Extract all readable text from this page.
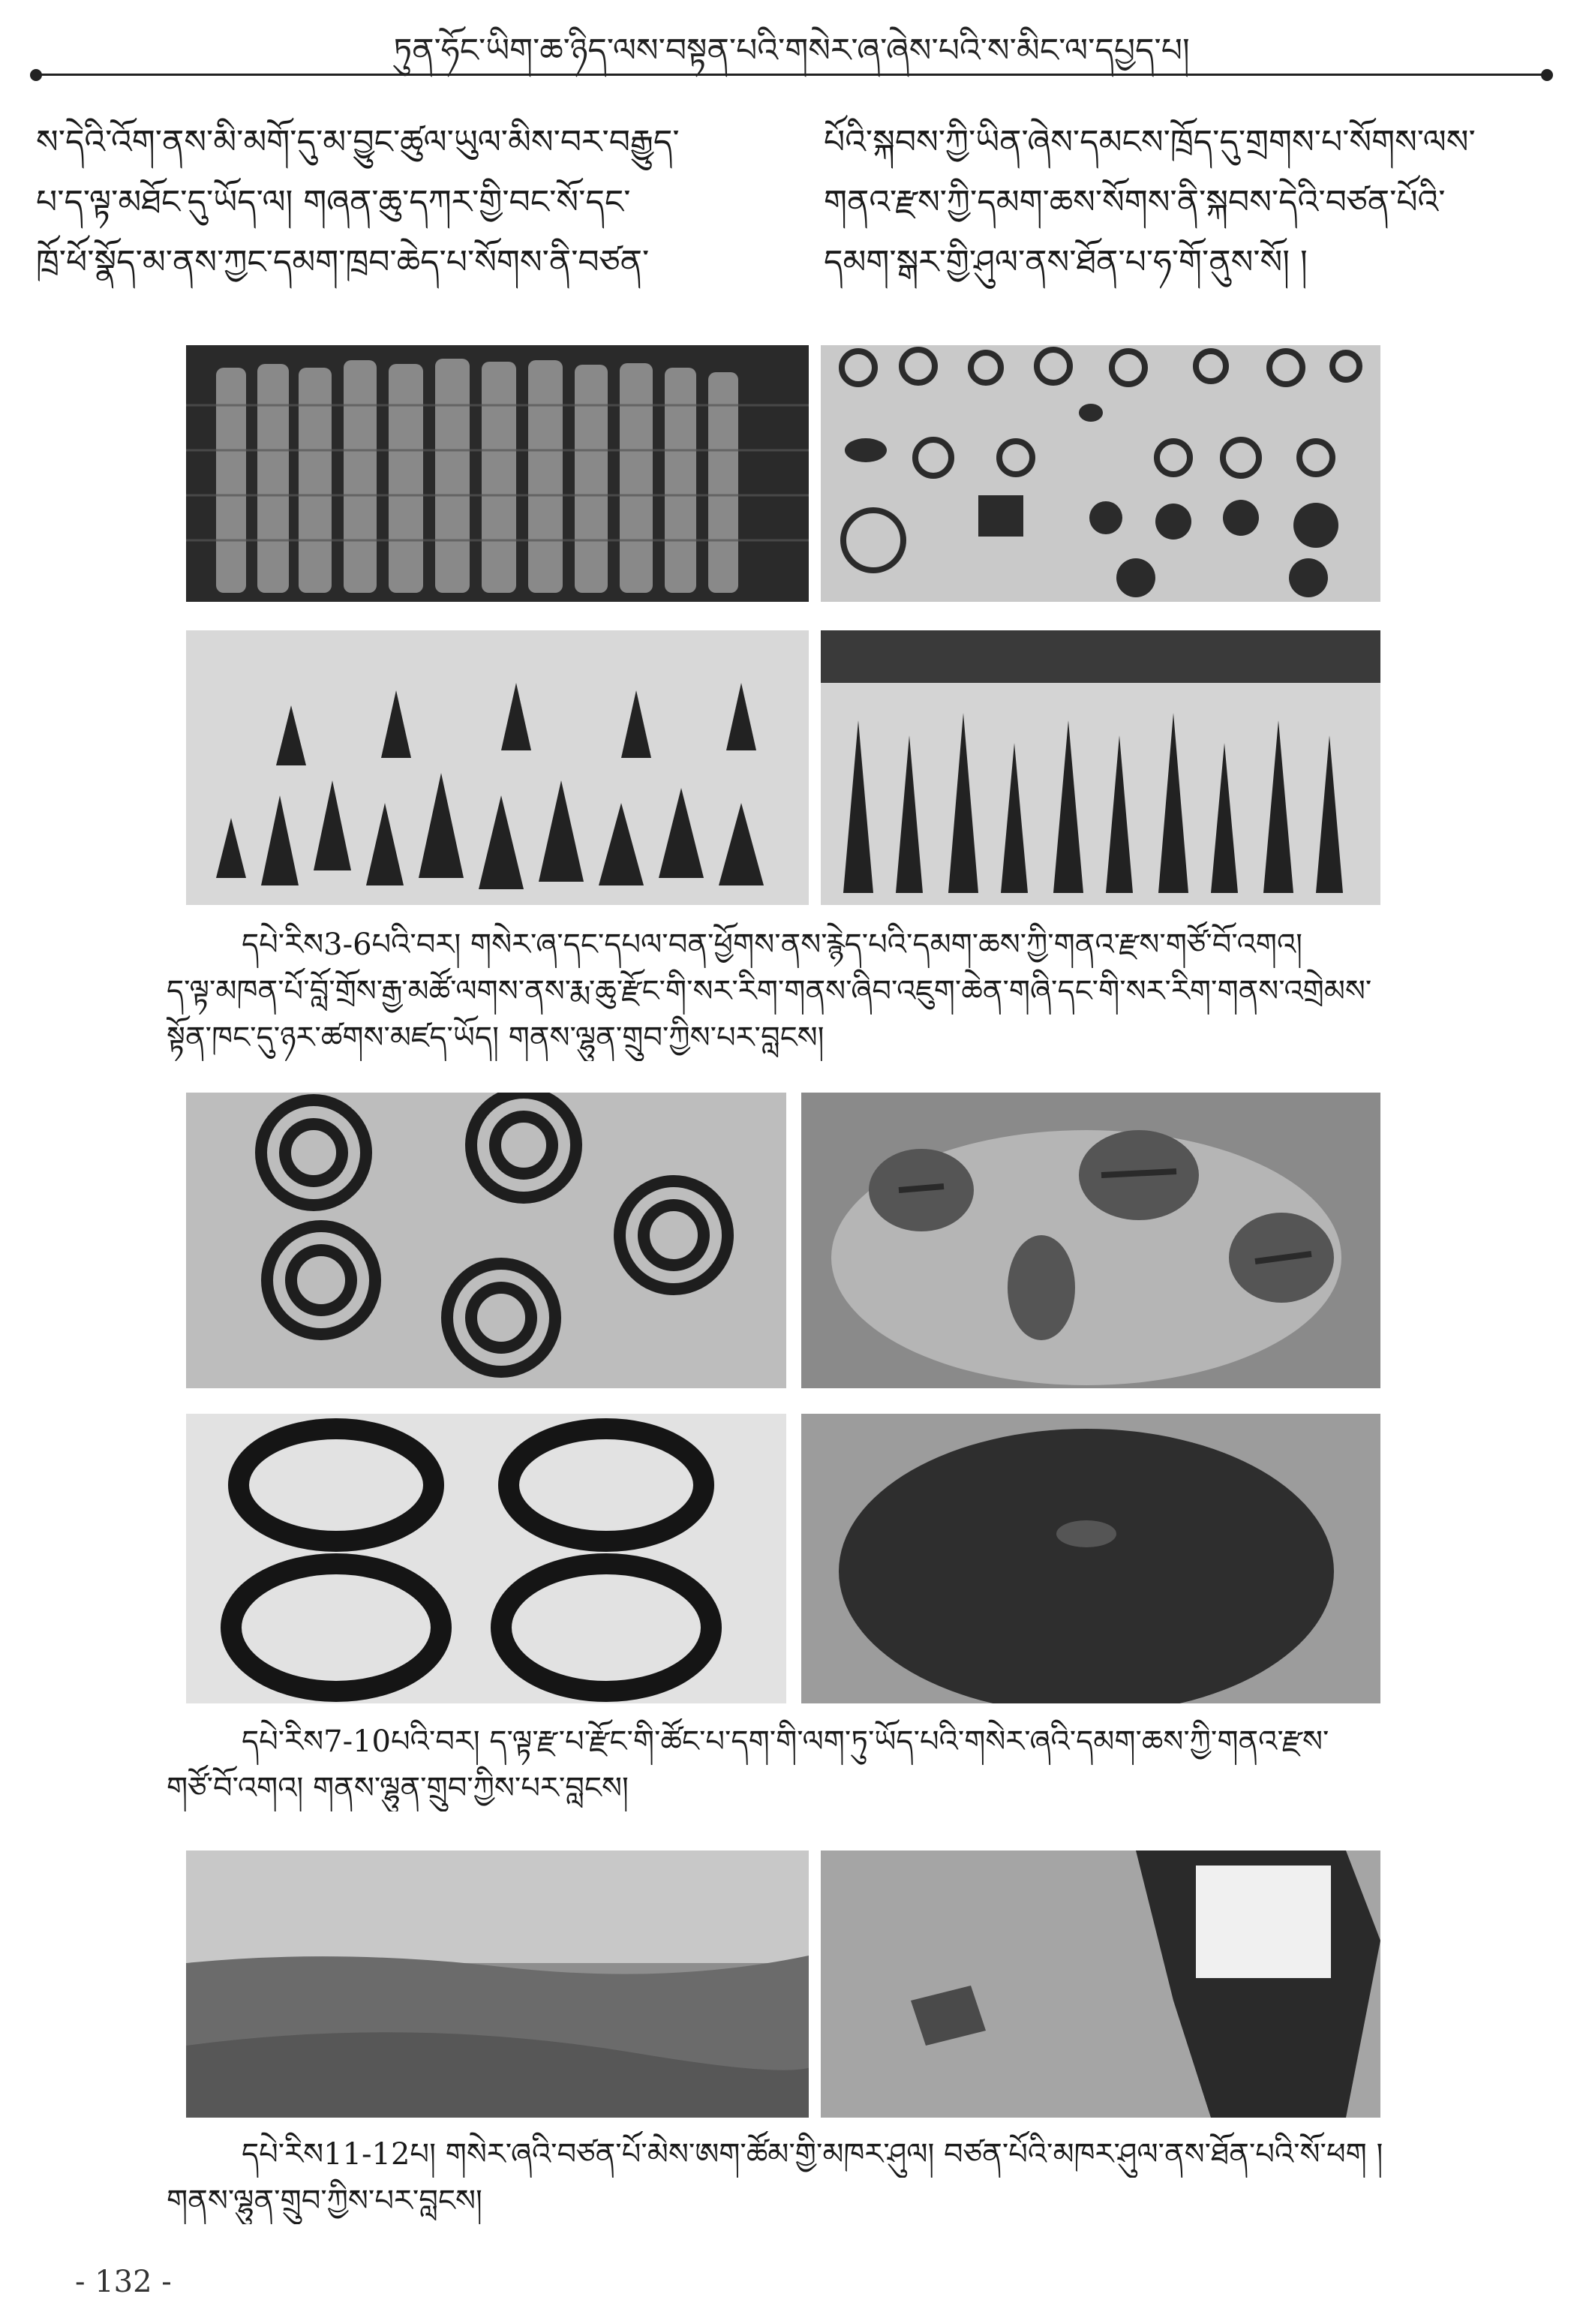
ཏུན་ཧོང་ཡིག་ཆ་ཉིད་ལས་བསྟན་པའི་གསེར་ཞ་ཞེས་པའི་ས་མིང་ལ་དཔྱད་པ།

ས་དེའི་འོག་ནས་མི་མགོ་དུ་མ་བྱུང་ཚུལ་ཡུལ་མིས་བར་བརྒྱུད་

པ་ད་ལྟ་མཐོང་དུ་ཡོད་ལ། གཞན་ཆུ་དཀར་གྱི་བང་སོ་དང་

ཁྲོ་ཕོ་སྣོད་མ་ནས་ཀྱང་དམག་ཁྲབ་ཆེད་པ་སོགས་ནི་བཙན་

པོའི་སྐབས་ཀྱི་ཡིན་ཞེས་དམངས་ཁྲོད་དུ་གྲགས་པ་སོགས་ལས་

གནའ་རྫས་ཀྱི་དམག་ཆས་སོགས་ནི་སྐབས་དེའི་བཙན་པོའི་

དམག་སྒར་གྱི་ཤུལ་ནས་ཐོན་པ་ཧ་གོ་ནུས་སོ། །

དཔེ་རིས3-6པའི་བར། གསེར་ཞ་དང་དཔལ་བན་ཕྱོགས་ནས་རྙེད་པའི་དམག་ཆས་ཀྱི་གནའ་རྫས་གཙོ་བོ་འགའ།

ད་ལྟ་མཁན་པོ་བློ་གྲོས་རྒྱ་མཚོ་ལགས་ནས་རྨ་ཆུ་རྫོང་གི་སར་རིག་གནས་ཞིབ་འཇུག་ཆེན་གཞི་དང་གི་སར་རིག་གནས་འགྲེམས་

སྟོན་ཁང་དུ་ཉར་ཚགས་མཛད་ཡོད། གནས་ལྷུན་གྲུབ་ཀྱིས་པར་བླངས།

དཔེ་རིས7-10པའི་བར། ད་ལྟ་རྫ་པ་རྫོང་གི་ཚོང་པ་དག་གི་ལག་ཏུ་ཡོད་པའི་གསེར་ཞའི་དམག་ཆས་ཀྱི་གནའ་རྫས་

གཙོ་བོ་འགའ། གནས་ལྷུན་གྲུབ་ཀྱིས་པར་བླངས།

དཔེ་རིས11-12པ། གསེར་ཞའི་བཙན་པོ་མེས་ཨག་ཚོམ་གྱི་མཁར་ཤུལ། བཙན་པོའི་མཁར་ཤུལ་ནས་ཐོན་པའི་སོ་ཕག །

གནས་ལྷུན་གྲུབ་ཀྱིས་པར་བླངས།

- 132 -
